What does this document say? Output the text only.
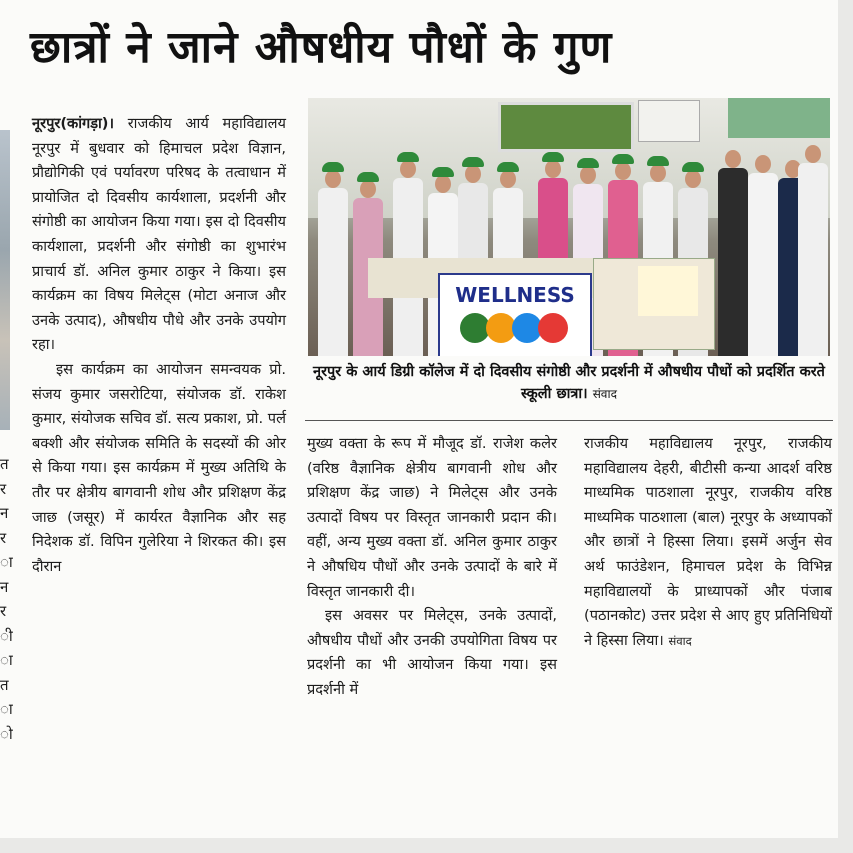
छात्रों ने जाने औषधीय पौधों के गुण
त
र
न
र
ा
न
र
ी
ा
त
ा
ो

नूरपुर(कांगड़ा)। राजकीय आर्य महाविद्यालय नूरपुर में बुधवार को हिमाचल प्रदेश विज्ञान, प्रौद्योगिकी एवं पर्यावरण परिषद के तत्वाधान में प्रायोजित दो दिवसीय कार्यशाला, प्रदर्शनी और संगोष्ठी का आयोजन किया गया। इस दो दिवसीय कार्यशाला, प्रदर्शनी और संगोष्ठी का शुभारंभ प्राचार्य डॉ. अनिल कुमार ठाकुर ने किया। इस कार्यक्रम का विषय मिलेट्स (मोटा अनाज और उनके उत्पाद), औषधीय पौधे और उनके उपयोग रहा।

इस कार्यक्रम का आयोजन समन्वयक प्रो. संजय कुमार जसरोटिया, संयोजक डॉ. राकेश कुमार, संयोजक सचिव डॉ. सत्य प्रकाश, प्रो. पर्ल बक्शी और संयोजक समिति के सदस्यों की ओर से किया गया। इस कार्यक्रम में मुख्य अतिथि के तौर पर क्षेत्रीय बागवानी शोध और प्रशिक्षण केंद्र जाछ (जसूर) में कार्यरत वैज्ञानिक और सह निदेशक डॉ. विपिन गुलेरिया ने शिरकत की। इस दौरान

WELLNESS

नूरपुर के आर्य डिग्री कॉलेज में दो दिवसीय संगोष्ठी और प्रदर्शनी में औषधीय पौधों को प्रदर्शित करते स्कूली छात्रा। संवाद

मुख्य वक्ता के रूप में मौजूद डॉ. राजेश कलेर (वरिष्ठ वैज्ञानिक क्षेत्रीय बागवानी शोध और प्रशिक्षण केंद्र जाछ) ने मिलेट्स और उनके उत्पादों विषय पर विस्तृत जानकारी प्रदान की। वहीं, अन्य मुख्य वक्ता डॉ. अनिल कुमार ठाकुर ने औषधिय पौधों और उनके उत्पादों के बारे में विस्तृत जानकारी दी।

इस अवसर पर मिलेट्स, उनके उत्पादों, औषधीय पौधों और उनकी उपयोगिता विषय पर प्रदर्शनी का भी आयोजन किया गया। इस प्रदर्शनी में

राजकीय महाविद्यालय नूरपुर, राजकीय महाविद्यालय देहरी, बीटीसी कन्या आदर्श वरिष्ठ माध्यमिक पाठशाला नूरपुर, राजकीय वरिष्ठ माध्यमिक पाठशाला (बाल) नूरपुर के अध्यापकों और छात्रों ने हिस्सा लिया। इसमें अर्जुन सेव अर्थ फाउंडेशन, हिमाचल प्रदेश के विभिन्न महाविद्यालयों के प्राध्यापकों और पंजाब (पठानकोट) उत्तर प्रदेश से आए हुए प्रतिनिधियों ने हिस्सा लिया। संवाद
